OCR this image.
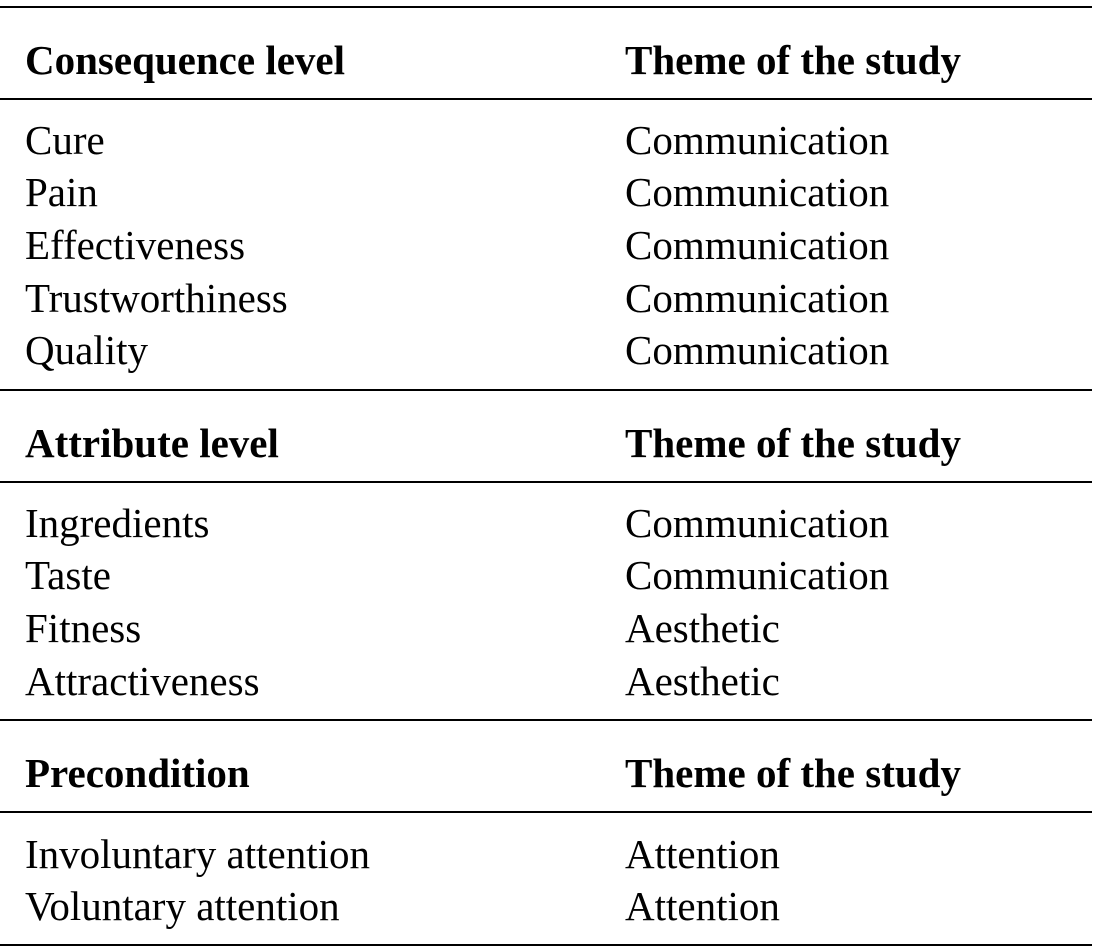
Consequence level	Theme of the study
Cure	Communication
Pain	Communication
Effectiveness	Communication
Trustworthiness	Communication
Quality	Communication
Attribute level	Theme of the study
Ingredients	Communication
Taste	Communication
Fitness	Aesthetic
Attractiveness	Aesthetic
Precondition	Theme of the study
Involuntary attention	Attention
Voluntary attention	Attention
